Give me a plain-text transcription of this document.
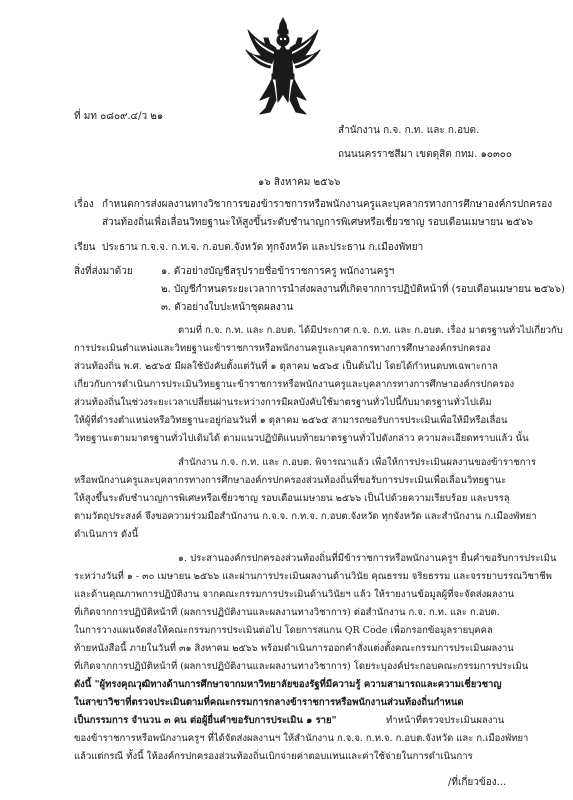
ที่ มท ๐๘๐๙.๔/ว ๒๑
สำนักงาน ก.จ. ก.ท. และ ก.อบต.
ถนนนครราชสีมา เขตดุสิต กทม. ๑๐๓๐๐
๑๖ สิงหาคม ๒๕๖๖
เรื่อง กำหนดการส่งผลงานทางวิชาการของข้าราชการหรือพนักงานครูและบุคลากรทางการศึกษาองค์กรปกครอง
ส่วนท้องถิ่นเพื่อเลื่อนวิทยฐานะให้สูงขึ้นระดับชำนาญการพิเศษหรือเชี่ยวชาญ รอบเดือนเมษายน ๒๕๖๖
เรียน ประธาน ก.จ.จ. ก.ท.จ. ก.อบต.จังหวัด ทุกจังหวัด และประธาน ก.เมืองพัทยา
สิ่งที่ส่งมาด้วย	๑. ตัวอย่างบัญชีสรุปรายชื่อข้าราชการครู พนักงานครูฯ
๒. บัญชีกำหนดระยะเวลาการนำส่งผลงานที่เกิดจากการปฏิบัติหน้าที่ (รอบเดือนเมษายน ๒๕๖๖)
๓. ตัวอย่างใบปะหน้าชุดผลงาน
ตามที่ ก.จ. ก.ท. และ ก.อบต. ได้มีประกาศ ก.จ. ก.ท. และ ก.อบต. เรื่อง มาตรฐานทั่วไปเกี่ยวกับ
การประเมินตำแหน่งและวิทยฐานะข้าราชการหรือพนักงานครูและบุคลากรทางการศึกษาองค์กรปกครอง
ส่วนท้องถิ่น พ.ศ. ๒๕๖๕ มีผลใช้บังคับตั้งแต่วันที่ ๑ ตุลาคม ๒๕๖๕ เป็นต้นไป โดยได้กำหนดบทเฉพาะกาล
เกี่ยวกับการดำเนินการประเมินวิทยฐานะข้าราชการหรือพนักงานครูและบุคลากรทางการศึกษาองค์กรปกครอง
ส่วนท้องถิ่นในช่วงระยะเวลาเปลี่ยนผ่านระหว่างการมีผลบังคับใช้มาตรฐานทั่วไปนี้กับมาตรฐานทั่วไปเดิม
ให้ผู้ที่ดำรงตำแหน่งหรือวิทยฐานะอยู่ก่อนวันที่ ๑ ตุลาคม ๒๕๖๕ สามารถขอรับการประเมินเพื่อให้มีหรือเลื่อน
วิทยฐานะตามมาตรฐานทั่วไปเดิมได้ ตามแนวปฏิบัติแนบท้ายมาตรฐานทั่วไปดังกล่าว ความละเอียดทราบแล้ว นั้น
สำนักงาน ก.จ. ก.ท. และ ก.อบต. พิจารณาแล้ว เพื่อให้การประเมินผลงานของข้าราชการ
หรือพนักงานครูและบุคลากรทางการศึกษาองค์กรปกครองส่วนท้องถิ่นที่ขอรับการประเมินเพื่อเลื่อนวิทยฐานะ
ให้สูงขึ้นระดับชำนาญการพิเศษหรือเชี่ยวชาญ รอบเดือนเมษายน ๒๕๖๖ เป็นไปด้วยความเรียบร้อย และบรรลุ
ตามวัตถุประสงค์ จึงขอความร่วมมือสำนักงาน ก.จ.จ. ก.ท.จ. ก.อบต.จังหวัด ทุกจังหวัด และสำนักงาน ก.เมืองพัทยา
ดำเนินการ ดังนี้
๑. ประสานองค์กรปกครองส่วนท้องถิ่นที่มีข้าราชการหรือพนักงานครูฯ ยื่นคำขอรับการประเมิน
ระหว่างวันที่ ๑ - ๓๐ เมษายน ๒๕๖๖ และผ่านการประเมินผลงานด้านวินัย คุณธรรม จริยธรรม และจรรยาบรรณวิชาชีพ
และด้านคุณภาพการปฏิบัติงาน จากคณะกรรมการประเมินด้านวินัยฯ แล้ว ให้รายงานข้อมูลผู้ที่จะจัดส่งผลงาน
ที่เกิดจากการปฏิบัติหน้าที่ (ผลการปฏิบัติงานและผลงานทางวิชาการ) ต่อสำนักงาน ก.จ. ก.ท. และ ก.อบต.
ในการวางแผนจัดส่งให้คณะกรรมการประเมินต่อไป โดยการสแกน QR Code เพื่อกรอกข้อมูลรายบุคคล
ท้ายหนังสือนี้ ภายในวันที่ ๓๑ สิงหาคม ๒๕๖๖ พร้อมดำเนินการออกคำสั่งแต่งตั้งคณะกรรมการประเมินผลงาน
ที่เกิดจากการปฏิบัติหน้าที่ (ผลการปฏิบัติงานและผลงานทางวิชาการ) โดยระบุองค์ประกอบคณะกรรมการประเมิน
ดังนี้ "ผู้ทรงคุณวุฒิทางด้านการศึกษาจากมหาวิทยาลัยของรัฐที่มีความรู้ ความสามารถและความเชี่ยวชาญ
ในสาขาวิชาที่ตรวจประเมินตามที่คณะกรรมการกลางข้าราชการหรือพนักงานส่วนท้องถิ่นกำหนด
เป็นกรรมการ จำนวน ๓ คน ต่อผู้ยื่นคำขอรับการประเมิน ๑ ราย"	ทำหน้าที่ตรวจประเมินผลงาน
ของข้าราชการหรือพนักงานครูฯ ที่ได้จัดส่งผลงานฯ ให้สำนักงาน ก.จ.จ. ก.ท.จ. ก.อบต.จังหวัด และ ก.เมืองพัทยา
แล้วแต่กรณี ทั้งนี้ ให้องค์กรปกครองส่วนท้องถิ่นเบิกจ่ายค่าตอบแทนและค่าใช้จ่ายในการดำเนินการ
/ที่เกี่ยวข้อง...
